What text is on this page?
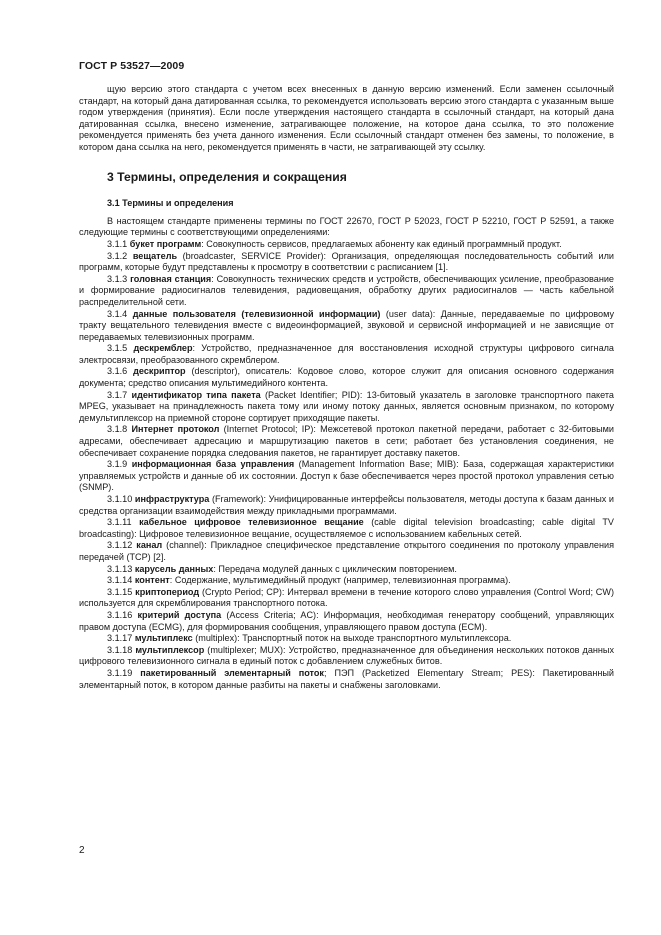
ГОСТ Р 53527—2009

щую версию этого стандарта с учетом всех внесенных в данную версию изменений. Если заменен ссылочный стандарт, на который дана датированная ссылка, то рекомендуется использовать версию этого стандарта с указанным выше годом утверждения (принятия). Если после утверждения настоящего стандарта в ссылочный стандарт, на который дана датированная ссылка, внесено изменение, затрагивающее положение, на которое дана ссылка, то это положение рекомендуется применять без учета данного изменения. Если ссылочный стандарт отменен без замены, то положение, в котором дана ссылка на него, рекомендуется применять в части, не затрагивающей эту ссылку.

3 Термины, определения и сокращения

3.1 Термины и определения

В настоящем стандарте применены термины по ГОСТ 22670, ГОСТ Р 52023, ГОСТ Р 52210, ГОСТ Р 52591, а также следующие термины с соответствующими определениями:

3.1.1 букет программ: Совокупность сервисов, предлагаемых абоненту как единый программный продукт.

3.1.2 вещатель (broadcaster, SERVICE Provider): Организация, определяющая последовательность событий или программ, которые будут представлены к просмотру в соответствии с расписанием [1].

3.1.3 головная станция: Совокупность технических средств и устройств, обеспечивающих усиление, преобразование и формирование радиосигналов телевидения, радиовещания, обработку других радиосигналов — часть кабельной распределительной сети.

3.1.4 данные пользователя (телевизионной информации) (user data): Данные, передаваемые по цифровому тракту вещательного телевидения вместе с видеоинформацией, звуковой и сервисной информацией и не зависящие от передаваемых телевизионных программ.

3.1.5 дескремблер: Устройство, предназначенное для восстановления исходной структуры цифрового сигнала электросвязи, преобразованного скремблером.

3.1.6 дескриптор (descriptor), описатель: Кодовое слово, которое служит для описания основного содержания документа; средство описания мультимедийного контента.

3.1.7 идентификатор типа пакета (Packet Identifier; PID): 13-битовый указатель в заголовке транспортного пакета MPEG, указывает на принадлежность пакета тому или иному потоку данных, является основным признаком, по которому демультиплексор на приемной стороне сортирует приходящие пакеты.

3.1.8 Интернет протокол (Internet Protocol; IP): Межсетевой протокол пакетной передачи, работает с 32-битовыми адресами, обеспечивает адресацию и маршрутизацию пакетов в сети; работает без установления соединения, не обеспечивает сохранение порядка следования пакетов, не гарантирует доставку пакетов.

3.1.9 информационная база управления (Management Information Base; MIB): База, содержащая характеристики управляемых устройств и данные об их состоянии. Доступ к базе обеспечивается через простой протокол управления сетью (SNMP).

3.1.10 инфраструктура (Framework): Унифицированные интерфейсы пользователя, методы доступа к базам данных и средства организации взаимодействия между прикладными программами.

3.1.11 кабельное цифровое телевизионное вещание (cable digital television broadcasting; cable digital TV broadcasting): Цифровое телевизионное вещание, осуществляемое с использованием кабельных сетей.

3.1.12 канал (channel): Прикладное специфическое представление открытого соединения по протоколу управления передачей (TCP) [2].

3.1.13 карусель данных: Передача модулей данных с циклическим повторением.

3.1.14 контент: Содержание, мультимедийный продукт (например, телевизионная программа).

3.1.15 криптопериод (Crypto Period; CP): Интервал времени в течение которого слово управления (Control Word; CW) используется для скремблирования транспортного потока.

3.1.16 критерий доступа (Access Criteria; AC): Информация, необходимая генератору сообщений, управляющих правом доступа (ECMG), для формирования сообщения, управляющего правом доступа (ECM).

3.1.17 мультиплекс (multiplex): Транспортный поток на выходе транспортного мультиплексора.

3.1.18 мультиплексор (multiplexer; MUX): Устройство, предназначенное для объединения нескольких потоков данных цифрового телевизионного сигнала в единый поток с добавлением служебных битов.

3.1.19 пакетированный элементарный поток; ПЭП (Packetized Elementary Stream; PES): Пакетированный элементарный поток, в котором данные разбиты на пакеты и снабжены заголовками.

2
